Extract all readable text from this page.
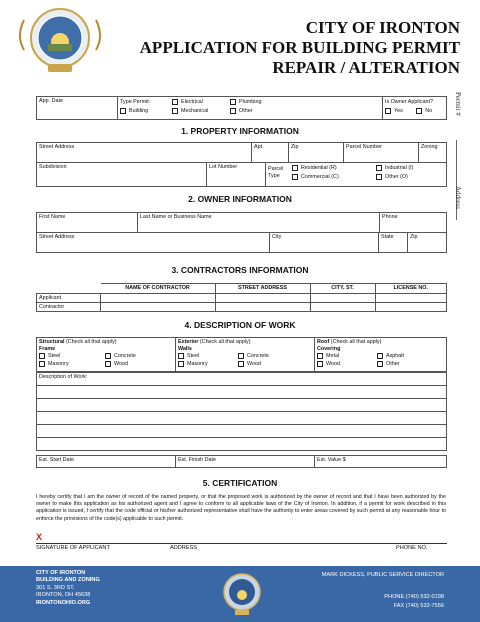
CITY OF IRONTON
APPLICATION FOR BUILDING PERMIT
REPAIR / ALTERATION
Permit #
Address
App. Date	Type Permit:	Electrical	Plumbing
Building	Mechanical	Other

Is Owner Applicant?
Yes	No
1. PROPERTY INFORMATION
Street Address	Apt.	Zip	Parcel Number	Zoning
Subdivision	Lot Number	Parcel Type
Residential (R)
Commercial (C)
Industrial (I)
Other (O)
2. OWNER INFORMATION
First Name	Last Name or Business Name	Phone
Street Address	City	State	Zip
3. CONTRACTORS INFORMATION
	NAME OF CONTRACTOR	STREET ADDRESS	CITY, ST.	LICENSE NO.
Applicant				
Contractor				
4. DESCRIPTION OF WORK
Structural (Check all that apply)
Frame
Steel	Concrete
Masonry	Wood

Exterior (Check all that apply)
Walls
Steel	Concrete
Masonry	Wood

Roof (Check all that apply)
Covering
Metal	Asphalt
Wood	Other
Description of Work:

Est. Start Date	Est. Finish Date	Est. Value $
5. CERTIFICATION
I hereby certify that I am the owner of record of the named property, or that the proposed work is authorized by the owner of record and that I have been authorized by the owner to make this application as his authorized agent and I agree to conform to all applicable laws of the City of Ironton. In addition, if a permit for work described in this application is issued, I certify that the code official or his/her authorized representative shall have the authority to enter areas covered by such permit at any reasonable hour to enforce the provisions of the code(s) applicable to such permit.
X
SIGNATURE OF APPLICANT	ADDRESS	PHONE NO.
CITY OF IRONTON
BUILDING AND ZONING
301 S. 3RD ST.
IRONTON, OH 45638
IRONTONOHIO.ORG
MARK DICKESS, PUBLIC SERVICE DIRECTOR
PHONE (740) 532-0198
FAX (740) 532-7556
